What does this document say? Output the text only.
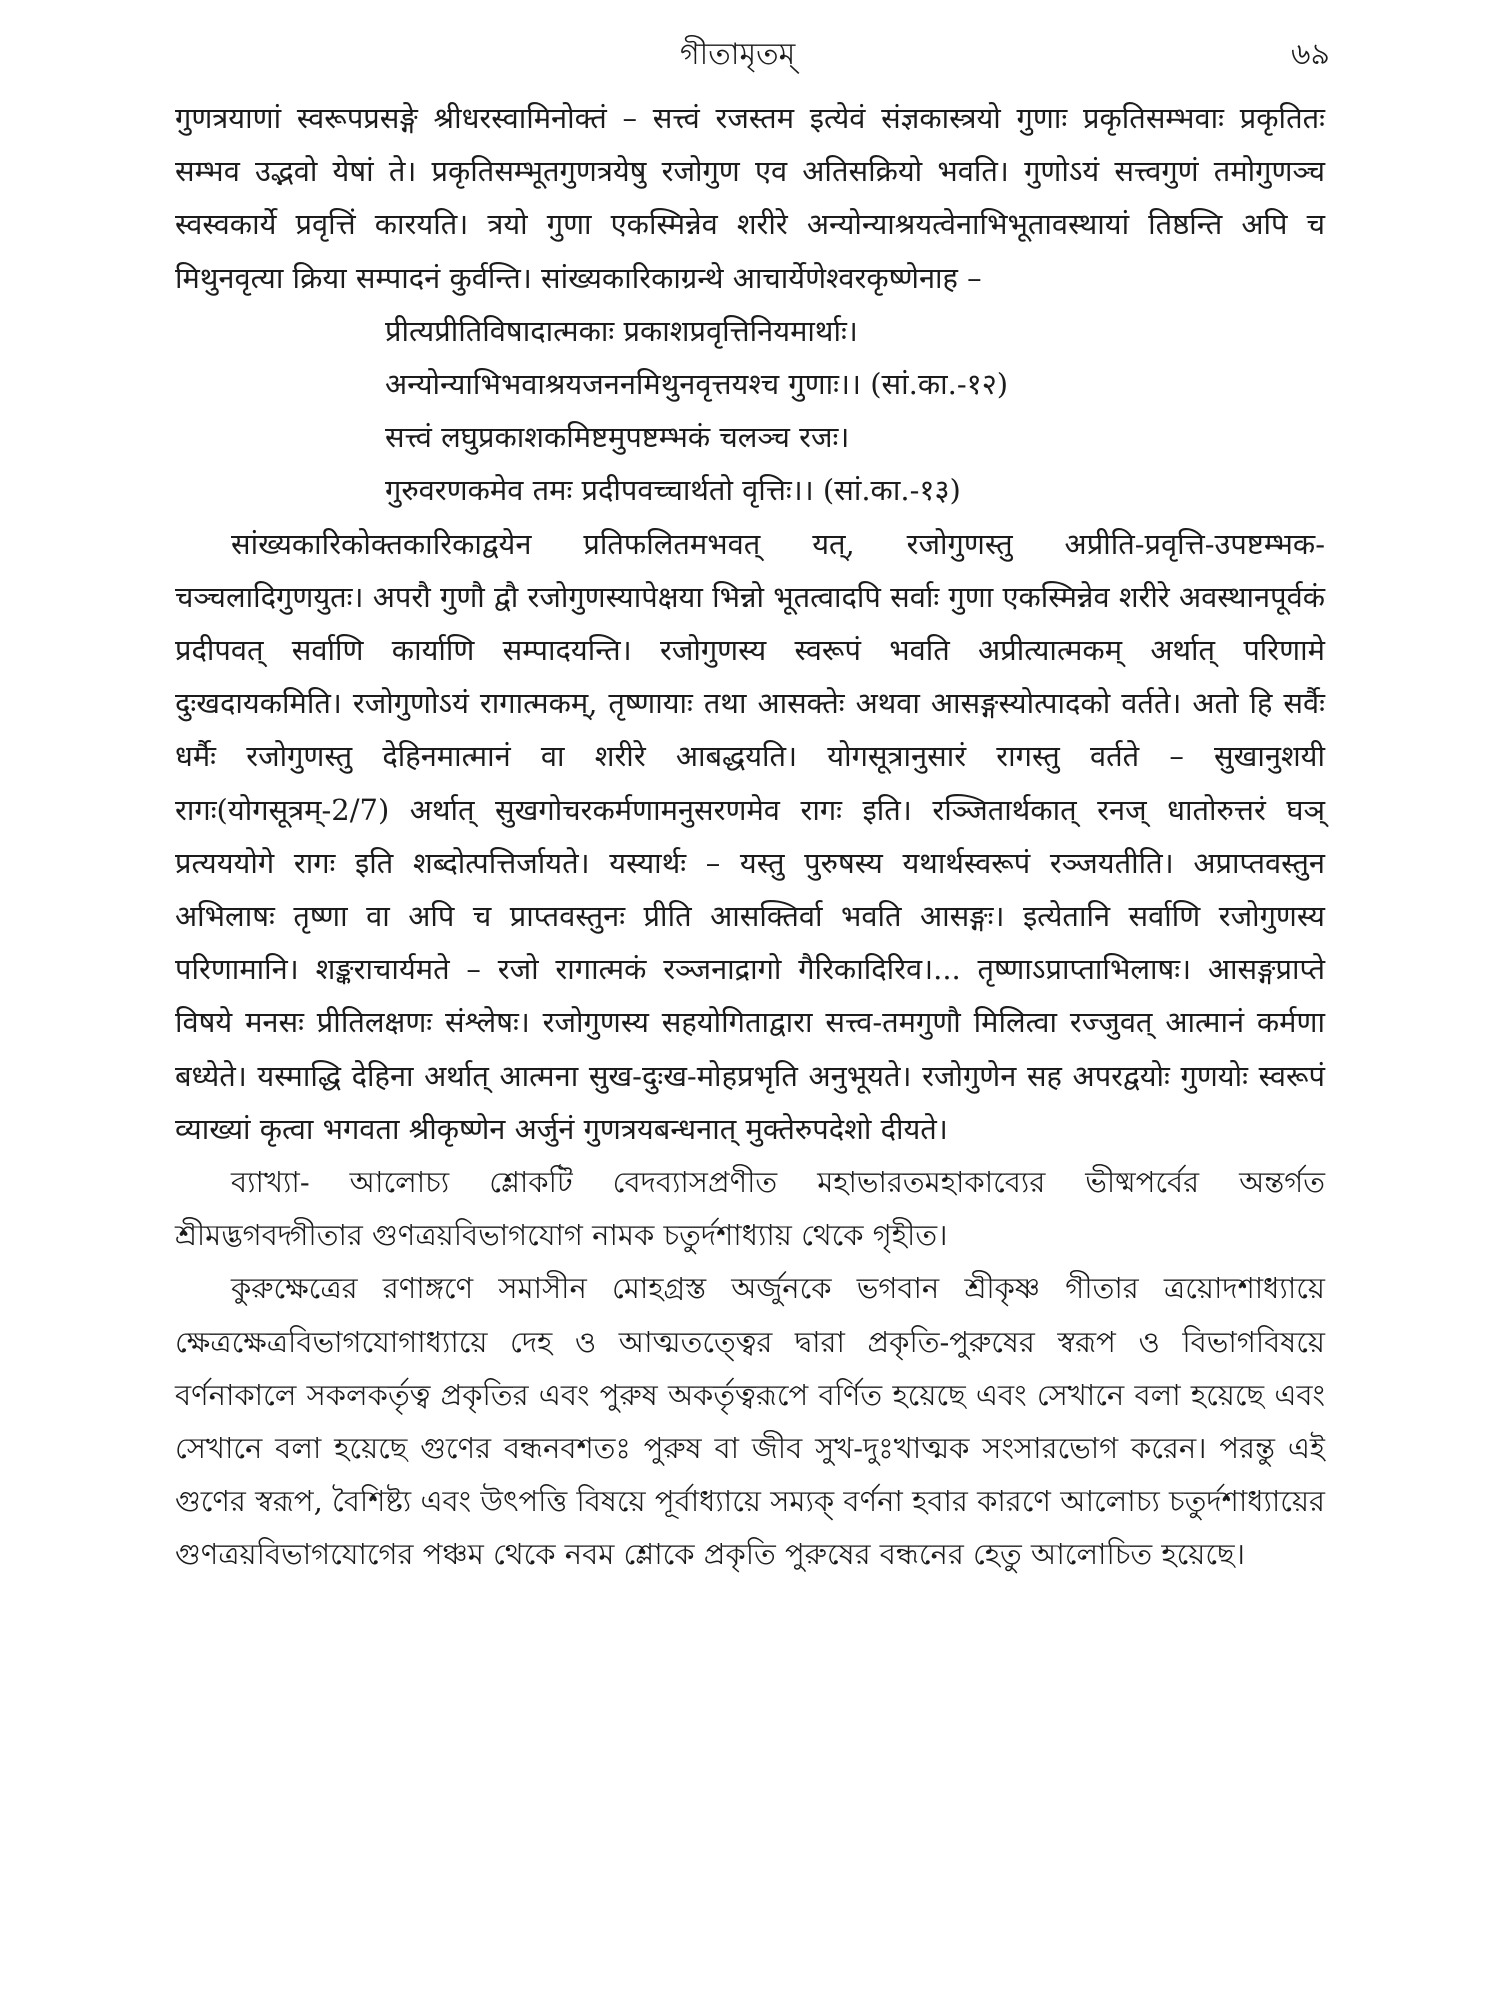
গীতামৃতম্	৬৯

गुणत्रयाणां स्वरूपप्रसङ्गे श्रीधरस्वामिनोक्तं – सत्त्वं रजस्तम इत्येवं संज्ञकास्त्रयो गुणाः प्रकृतिसम्भवाः प्रकृतितः सम्भव उद्भवो येषां ते। प्रकृतिसम्भूतगुणत्रयेषु रजोगुण एव अतिसक्रियो भवति। गुणोऽयं सत्त्वगुणं तमोगुणञ्च स्वस्वकार्ये प्रवृत्तिं कारयति। त्रयो गुणा एकस्मिन्नेव शरीरे अन्योन्याश्रयत्वेनाभिभूतावस्थायां तिष्ठन्ति अपि च मिथुनवृत्या क्रिया सम्पादनं कुर्वन्ति। सांख्यकारिकाग्रन्थे आचार्येणेश्वरकृष्णेनाह –

प्रीत्यप्रीतिविषादात्मकाः प्रकाशप्रवृत्तिनियमार्थाः।

अन्योन्याभिभवाश्रयजननमिथुनवृत्तयश्च गुणाः।। (सां.का.-१२)

सत्त्वं लघुप्रकाशकमिष्टमुपष्टम्भकं चलञ्च रजः।

गुरुवरणकमेव तमः प्रदीपवच्चार्थतो वृत्तिः।। (सां.का.-१३)

सांख्यकारिकोक्तकारिकाद्वयेन प्रतिफलितमभवत् यत्, रजोगुणस्तु अप्रीति-प्रवृत्ति-उपष्टम्भक-चञ्चलादिगुणयुतः। अपरौ गुणौ द्वौ रजोगुणस्यापेक्षया भिन्नो भूतत्वादपि सर्वाः गुणा एकस्मिन्नेव शरीरे अवस्थानपूर्वकं प्रदीपवत् सर्वाणि कार्याणि सम्पादयन्ति। रजोगुणस्य स्वरूपं भवति अप्रीत्यात्मकम् अर्थात् परिणामे दुःखदायकमिति। रजोगुणोऽयं रागात्मकम्, तृष्णायाः तथा आसक्तेः अथवा आसङ्गस्योत्पादको वर्तते। अतो हि सर्वैः धर्मैः रजोगुणस्तु देहिनमात्मानं वा शरीरे आबद्धयति। योगसूत्रानुसारं रागस्तु वर्तते – सुखानुशयी रागः(योगसूत्रम्-2/7) अर्थात् सुखगोचरकर्मणामनुसरणमेव रागः इति। रञ्जितार्थकात् रनज् धातोरुत्तरं घञ् प्रत्यययोगे रागः इति शब्दोत्पत्तिर्जायते। यस्यार्थः – यस्तु पुरुषस्य यथार्थस्वरूपं रञ्जयतीति। अप्राप्तवस्तुन अभिलाषः तृष्णा वा अपि च प्राप्तवस्तुनः प्रीति आसक्तिर्वा भवति आसङ्गः। इत्येतानि सर्वाणि रजोगुणस्य परिणामानि। शङ्कराचार्यमते – रजो रागात्मकं रञ्जनाद्रागो गैरिकादिरिव।... तृष्णाऽप्राप्ताभिलाषः। आसङ्गप्राप्ते विषये मनसः प्रीतिलक्षणः संश्लेषः। रजोगुणस्य सहयोगिताद्वारा सत्त्व-तमगुणौ मिलित्वा रज्जुवत् आत्मानं कर्मणा बध्येते। यस्माद्धि देहिना अर्थात् आत्मना सुख-दुःख-मोहप्रभृति अनुभूयते। रजोगुणेन सह अपरद्वयोः गुणयोः स्वरूपं व्याख्यां कृत्वा भगवता श्रीकृष्णेन अर्जुनं गुणत्रयबन्धनात् मुक्तेरुपदेशो दीयते।

ব্যাখ্যা- আলোচ্য শ্লোকটি বেদব্যাসপ্রণীত মহাভারতমহাকাব্যের ভীষ্মপর্বের অন্তর্গত শ্রীমদ্ভগবদ্গীতার গুণত্রয়বিভাগযোগ নামক চতুর্দশাধ্যায় থেকে গৃহীত।

কুরুক্ষেত্রের রণাঙ্গণে সমাসীন মোহগ্রস্ত অর্জুনকে ভগবান শ্রীকৃষ্ণ গীতার ত্রয়োদশাধ্যায়ে ক্ষেত্রক্ষেত্রবিভাগযোগাধ্যায়ে দেহ ও আত্মতত্ত্বের দ্বারা প্রকৃতি-পুরুষের স্বরূপ ও বিভাগবিষয়ে বর্ণনাকালে সকলকর্তৃত্ব প্রকৃতির এবং পুরুষ অকর্তৃত্বরূপে বর্ণিত হয়েছে এবং সেখানে বলা হয়েছে এবং সেখানে বলা হয়েছে গুণের বন্ধনবশতঃ পুরুষ বা জীব সুখ-দুঃখাত্মক সংসারভোগ করেন। পরন্তু এই গুণের স্বরূপ, বৈশিষ্ট্য এবং উৎপত্তি বিষয়ে পূর্বাধ্যায়ে সম্যক্ বর্ণনা হবার কারণে আলোচ্য চতুর্দশাধ্যায়ের গুণত্রয়বিভাগযোগের পঞ্চম থেকে নবম শ্লোকে প্রকৃতি পুরুষের বন্ধনের হেতু আলোচিত হয়েছে।
